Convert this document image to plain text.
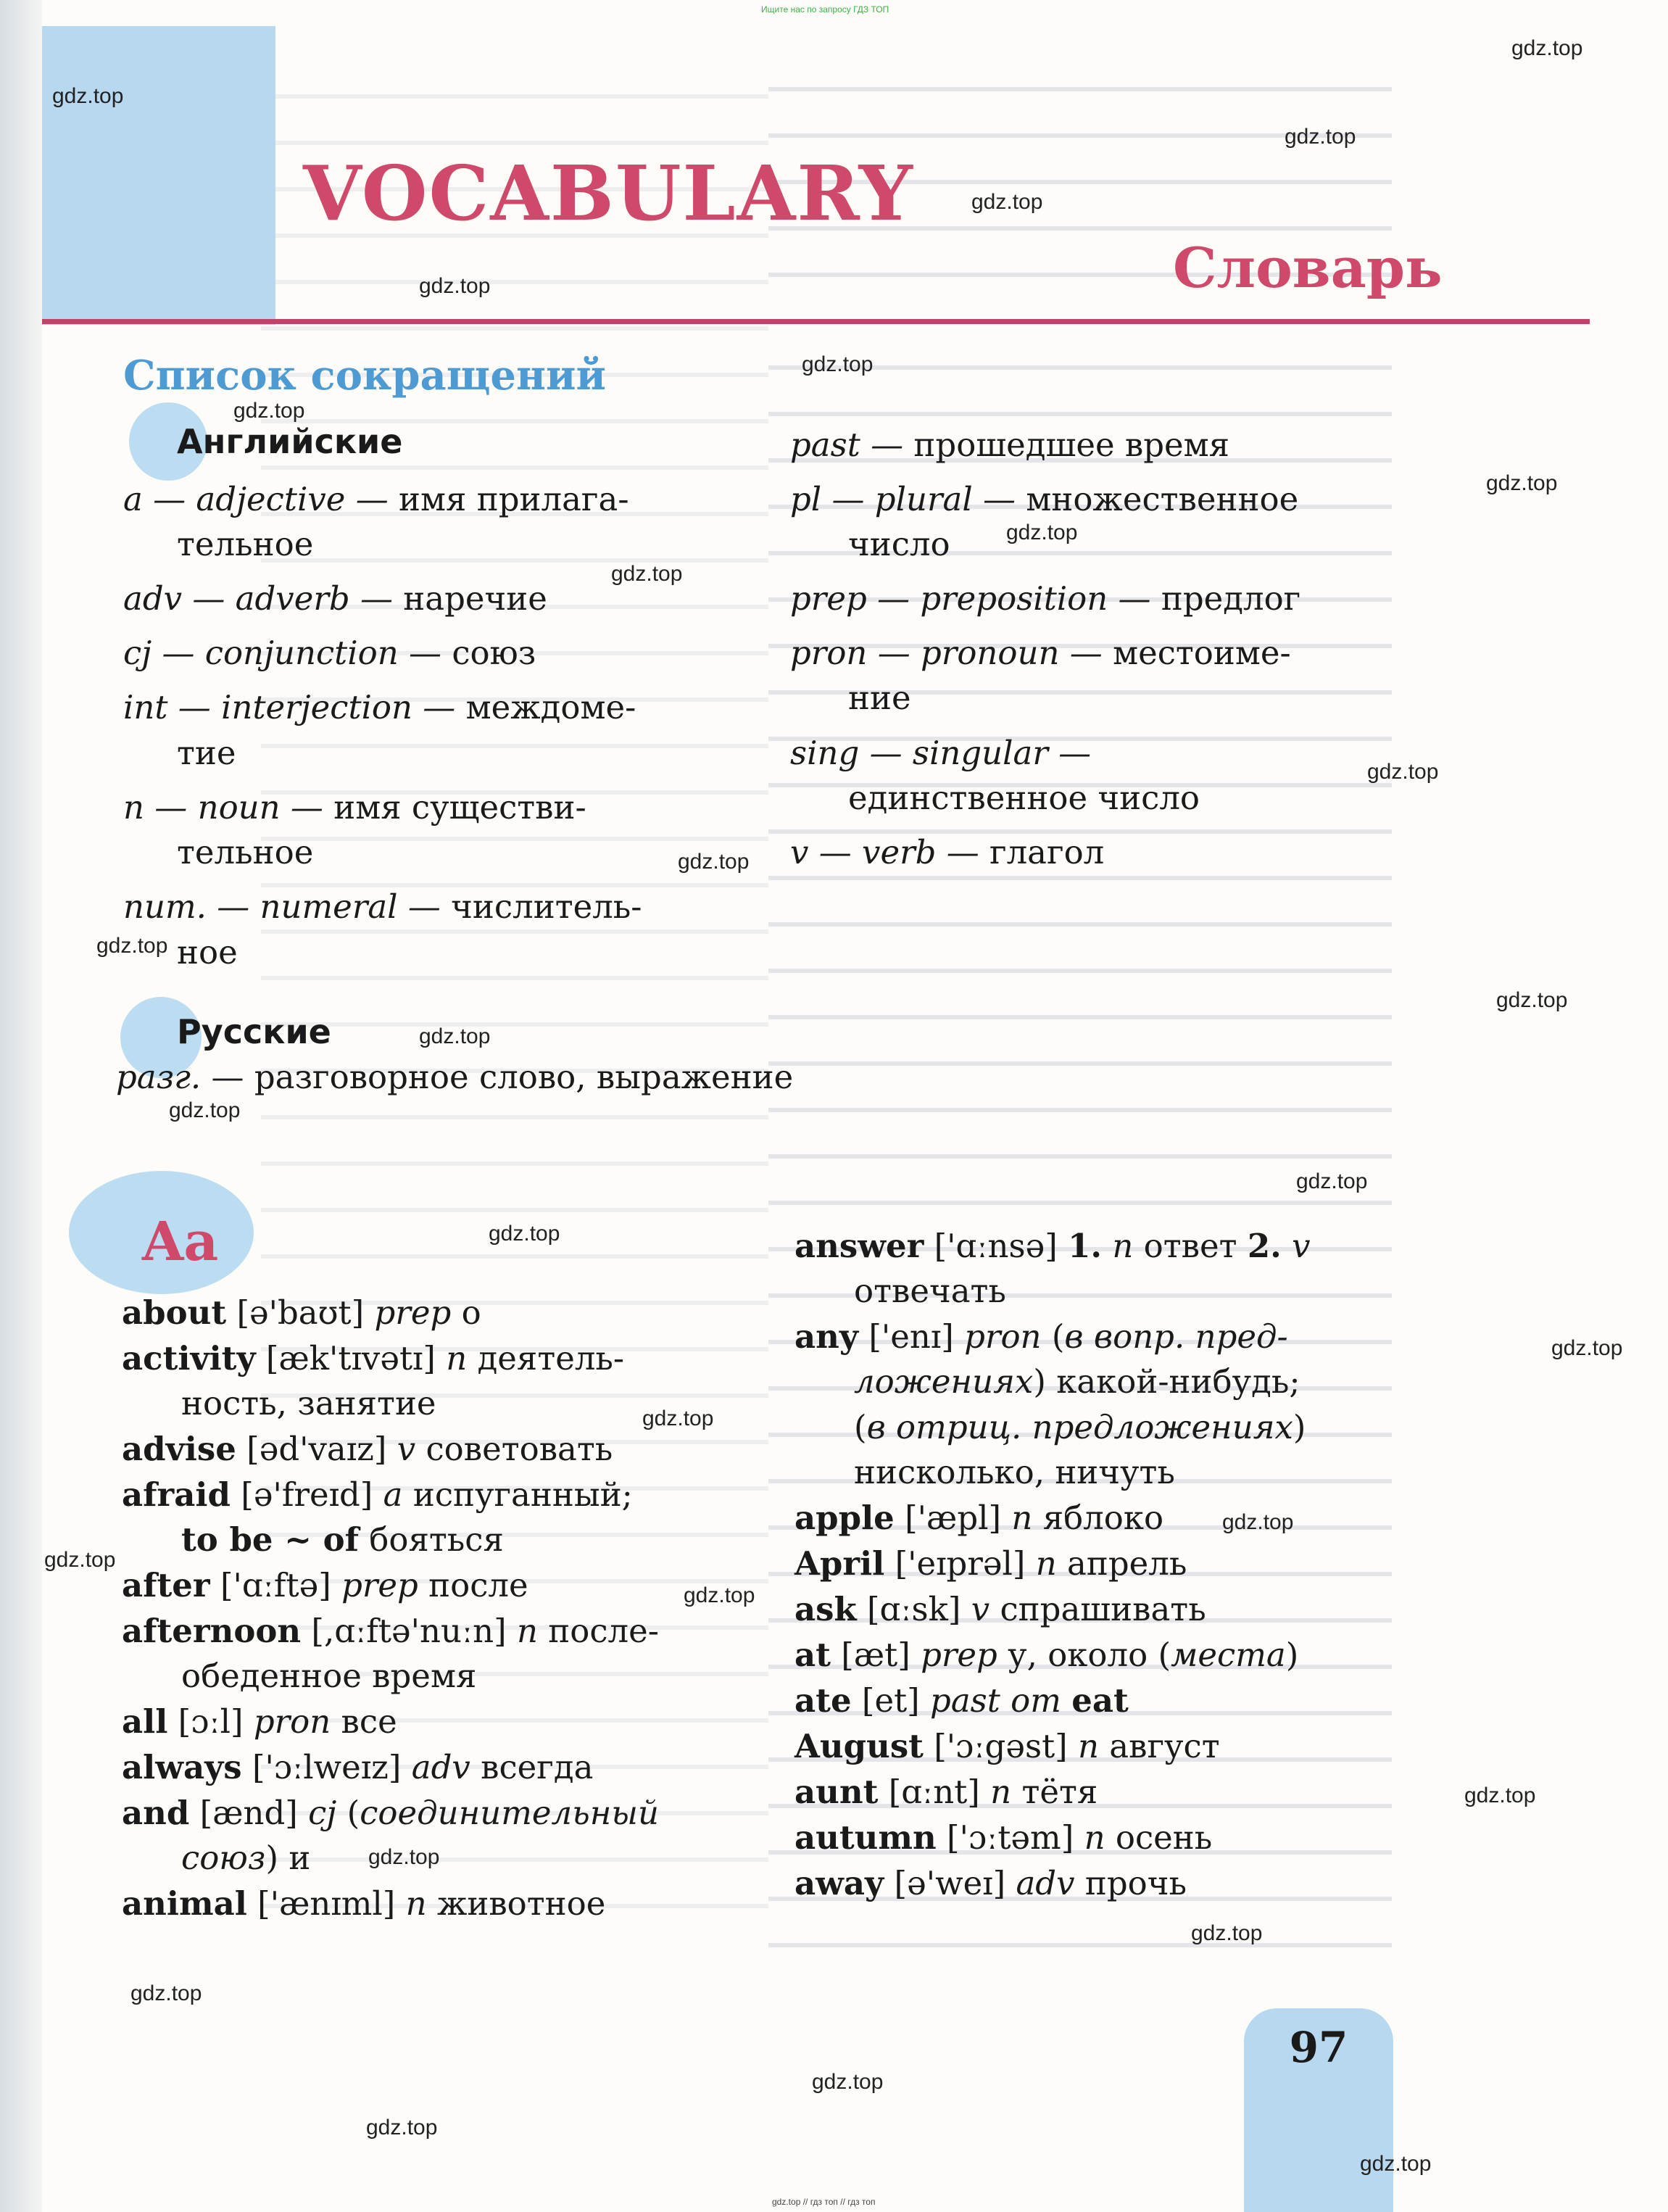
Ищите нас по запросу ГДЗ ТОП
VOCABULARY
Словарь
Список сокращений
Английские
a — adjective — имя прилага-
тельное
adv — adverb — наречие
cj — conjunction — союз
int — interjection — междоме-
тие
n — noun — имя существи-
тельное
num. — numeral — числитель-
ное
past — прошедшее время
pl — plural — множественное
число
prep — preposition — предлог
pron — pronoun — местоиме-
ние
sing — singular —
единственное число
v — verb — глагол
Русские
разг. — разговорное слово, выражение
Aa
about [ə'baʊt] prep о
activity [æk'tɪvətɪ] n деятель-
ность, занятие
advise [əd'vaɪz] v советовать
afraid [ə'freɪd] a испуганный;
to be ~ of бояться
after ['ɑːftə] prep после
afternoon [,ɑːftə'nuːn] n после-
обеденное время
all [ɔːl] pron все
always ['ɔːlweɪz] adv всегда
and [ænd] cj (соединительный
союз) и
animal ['ænɪml] n животное
answer ['ɑːnsə] 1. n ответ 2. v
отвечать
any ['enɪ] pron (в вопр. пред-
ложениях) какой-нибудь;
(в отриц. предложениях)
нисколько, ничуть
apple ['æpl] n яблоко
April ['eɪprəl] n апрель
ask [ɑːsk] v спрашивать
at [æt] prep у, около (места)
ate [et] past от eat
August ['ɔːgəst] n август
aunt [ɑːnt] n тётя
autumn ['ɔːtəm] n осень
away [ə'weɪ] adv прочь
97
gdz.top
gdz.top
gdz.top
gdz.top
gdz.top
gdz.top
gdz.top
gdz.top
gdz.top
gdz.top
gdz.top
gdz.top
gdz.top
gdz.top
gdz.top
gdz.top
gdz.top
gdz.top
gdz.top
gdz.top
gdz.top
gdz.top
gdz.top
gdz.top
gdz.top
gdz.top
gdz.top
gdz.top
gdz.top
gdz.top
gdz.top // гдз топ // гдз топ
